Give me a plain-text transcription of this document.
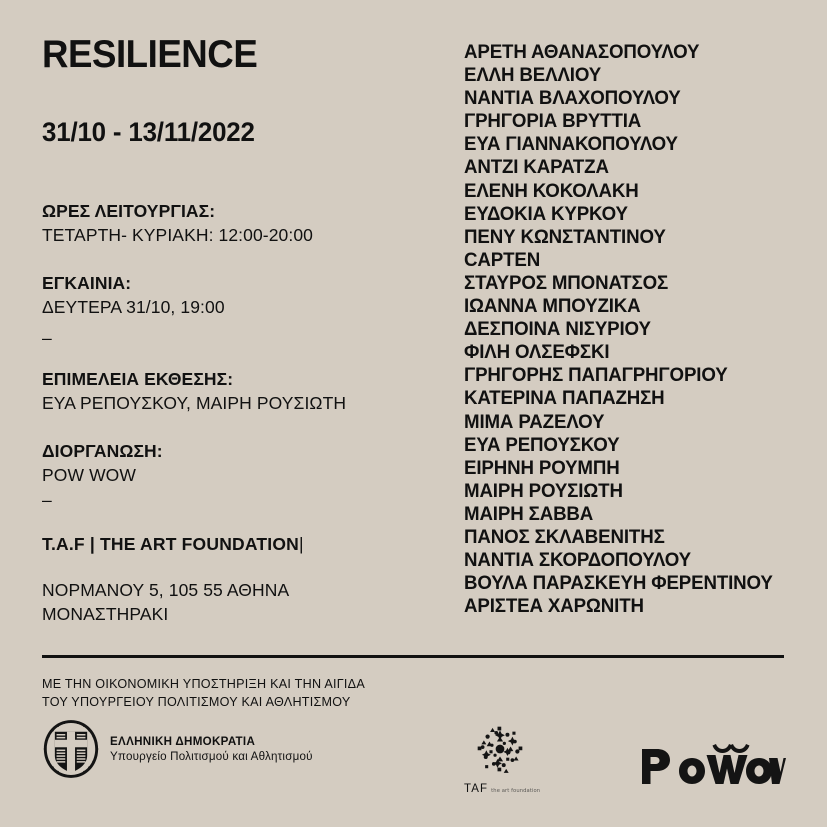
RESILIENCE
31/10 - 13/11/2022
ΩΡΕΣ ΛΕΙΤΟΥΡΓΙΑΣ:
ΤΕΤΑΡΤΗ- ΚΥΡΙΑΚΗ: 12:00-20:00
ΕΓΚΑΙΝΙΑ:
ΔΕΥΤΕΡΑ 31/10, 19:00
–
ΕΠΙΜΕΛΕΙΑ ΕΚΘΕΣΗΣ:
ΕΥΑ ΡΕΠΟΥΣΚΟΥ, ΜΑΙΡΗ ΡΟΥΣΙΩΤΗ
ΔΙΟΡΓΑΝΩΣΗ:
POW WOW
–
T.A.F | THE ART FOUNDATION|
ΝΟΡΜΑΝΟΥ 5, 105 55 ΑΘΗΝΑ
ΜΟΝΑΣΤΗΡΑΚΙ
ΑΡΕΤΗ ΑΘΑΝΑΣΟΠΟΥΛΟΥ
ΕΛΛΗ ΒΕΛΛΙΟΥ
ΝΑΝΤΙΑ ΒΛΑΧΟΠΟΥΛΟΥ
ΓΡΗΓΟΡΙΑ ΒΡΥΤΤΙΑ
ΕΥΑ ΓΙΑΝΝΑΚΟΠΟΥΛΟΥ
ΑΝΤΖΙ ΚΑΡΑΤΖΑ
ΕΛΕΝΗ ΚΟΚΟΛΑΚΗ
ΕΥΔΟΚΙΑ ΚΥΡΚΟΥ
ΠΕΝΥ ΚΩΝΣΤΑΝΤΙΝΟΥ
CAPTEN
ΣΤΑΥΡΟΣ ΜΠΟΝΑΤΣΟΣ
ΙΩΑΝΝΑ ΜΠΟΥΖΙΚΑ
ΔΕΣΠΟΙΝΑ ΝΙΣΥΡΙΟΥ
ΦΙΛΗ ΟΛΣΕΦΣΚΙ
ΓΡΗΓΟΡΗΣ ΠΑΠΑΓΡΗΓΟΡΙΟΥ
ΚΑΤΕΡΙΝΑ ΠΑΠΑΖΗΣΗ
ΜΙΜΑ ΡΑΖΕΛΟΥ
ΕΥΑ ΡΕΠΟΥΣΚΟΥ
ΕΙΡΗΝΗ ΡΟΥΜΠΗ
ΜΑΙΡΗ ΡΟΥΣΙΩΤΗ
ΜΑΙΡΗ ΣΑΒΒΑ
ΠΑΝΟΣ ΣΚΛΑΒΕΝΙΤΗΣ
ΝΑΝΤΙΑ ΣΚΟΡΔΟΠΟΥΛΟΥ
ΒΟΥΛΑ ΠΑΡΑΣΚΕΥΗ ΦΕΡΕΝΤΙΝΟΥ
ΑΡΙΣΤΕΑ ΧΑΡΩΝΙΤΗ
ΜΕ ΤΗΝ ΟΙΚΟΝΟΜΙΚΗ ΥΠΟΣΤΗΡΙΞΗ ΚΑΙ ΤΗΝ ΑΙΓΙΔΑ
ΤΟΥ ΥΠΟΥΡΓΕΙΟΥ ΠΟΛΙΤΙΣΜΟΥ ΚΑΙ ΑΘΛΗΤΙΣΜΟΥ
ΕΛΛΗΝΙΚΗ ΔΗΜΟΚΡΑΤΙΑ
Υπουργείο Πολιτισμού και Αθλητισμού
TAF the art foundation
